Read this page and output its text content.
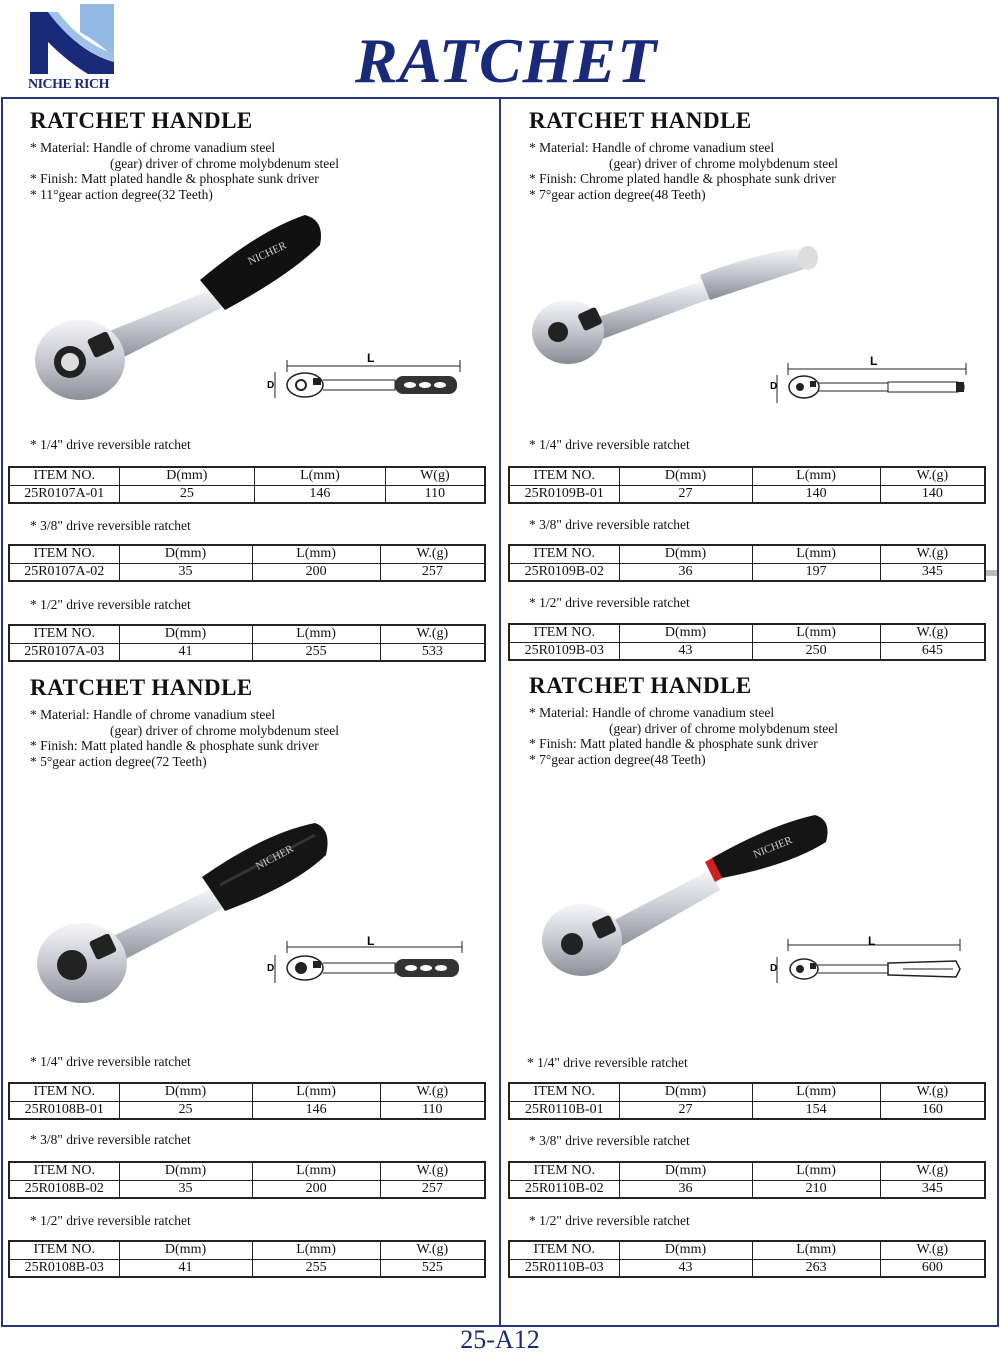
NICHE RICH	RATCHET
RATCHET HANDLE
* Material: Handle of chrome vanadium steel
(gear) driver of chrome molybdenum steel
* Finish: Matt plated handle & phosphate sunk driver
* 11°gear action degree(32 Teeth)
NICHER
L
D
* 1/4" drive reversible ratchet
ITEM NO.	D(mm)	L(mm)	W(g)
25R0107A-01	25	146	110
* 3/8" drive reversible ratchet
ITEM NO.	D(mm)	L(mm)	W.(g)
25R0107A-02	35	200	257
* 1/2" drive reversible ratchet
ITEM NO.	D(mm)	L(mm)	W.(g)
25R0107A-03	41	255	533
RATCHET HANDLE
* Material: Handle of chrome vanadium steel
(gear) driver of chrome molybdenum steel
* Finish: Chrome plated handle & phosphate sunk driver
* 7°gear action degree(48 Teeth)
L
D
* 1/4" drive reversible ratchet
ITEM NO.	D(mm)	L(mm)	W.(g)
25R0109B-01	27	140	140
* 3/8" drive reversible ratchet
ITEM NO.	D(mm)	L(mm)	W.(g)
25R0109B-02	36	197	345
* 1/2" drive reversible ratchet
ITEM NO.	D(mm)	L(mm)	W.(g)
25R0109B-03	43	250	645
RATCHET HANDLE
* Material: Handle of chrome vanadium steel
(gear) driver of chrome molybdenum steel
* Finish: Matt plated handle & phosphate sunk driver
* 5°gear action degree(72 Teeth)
NICHER
L
D
* 1/4" drive reversible ratchet
ITEM NO.	D(mm)	L(mm)	W.(g)
25R0108B-01	25	146	110
* 3/8" drive reversible ratchet
ITEM NO.	D(mm)	L(mm)	W.(g)
25R0108B-02	35	200	257
* 1/2" drive reversible ratchet
ITEM NO.	D(mm)	L(mm)	W.(g)
25R0108B-03	41	255	525
RATCHET HANDLE
* Material: Handle of chrome vanadium steel
(gear) driver of chrome molybdenum steel
* Finish: Matt plated handle & phosphate sunk driver
* 7°gear action degree(48 Teeth)
NICHER
L
D
* 1/4" drive reversible ratchet
ITEM NO.	D(mm)	L(mm)	W.(g)
25R0110B-01	27	154	160
* 3/8" drive reversible ratchet
ITEM NO.	D(mm)	L(mm)	W.(g)
25R0110B-02	36	210	345
* 1/2" drive reversible ratchet
ITEM NO.	D(mm)	L(mm)	W.(g)
25R0110B-03	43	263	600
25-A12
